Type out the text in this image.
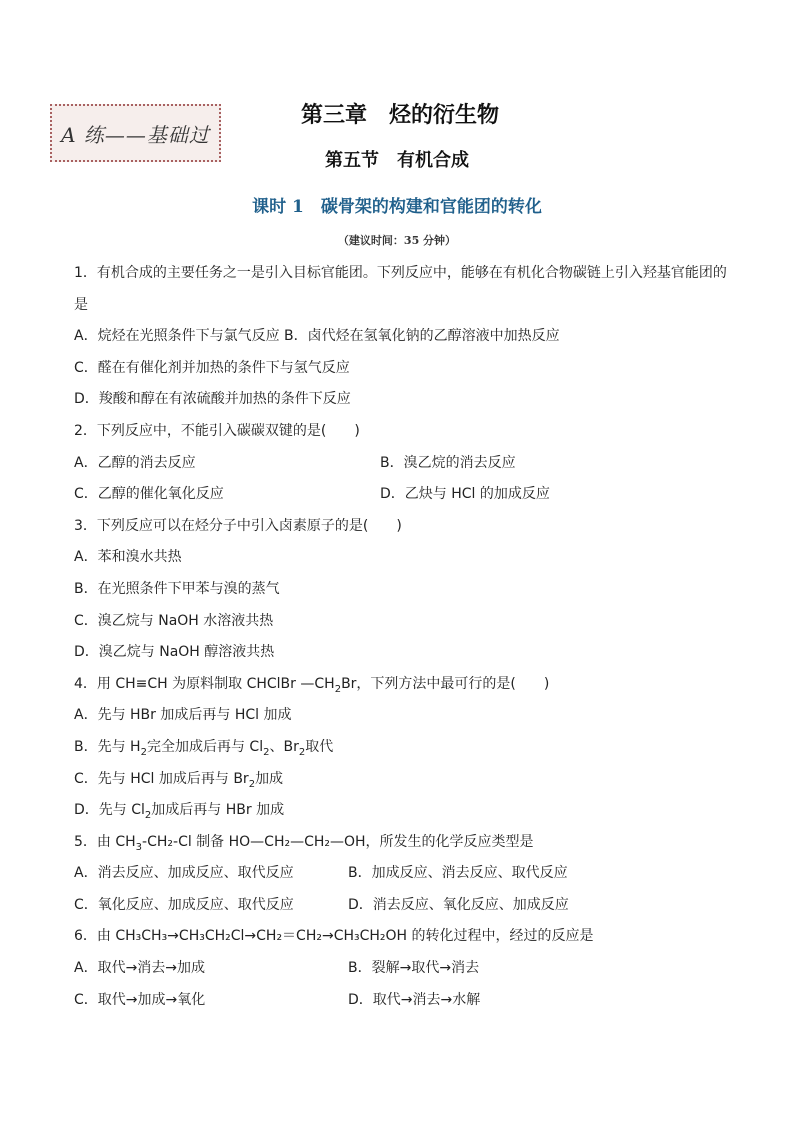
A 练——基础过
第三章　烃的衍生物
第五节　有机合成
课时 1　碳骨架的构建和官能团的转化
（建议时间：35 分钟）
1．有机合成的主要任务之一是引入目标官能团。下列反应中，能够在有机化合物碳链上引入羟基官能团的
是
A．烷烃在光照条件下与氯气反应 B．卤代烃在氢氧化钠的乙醇溶液中加热反应
C．醛在有催化剂并加热的条件下与氢气反应
D．羧酸和醇在有浓硫酸并加热的条件下反应
2．下列反应中，不能引入碳碳双键的是(　　)
A．乙醇的消去反应	B．溴乙烷的消去反应
C．乙醇的催化氧化反应	D．乙炔与 HCl 的加成反应
3．下列反应可以在烃分子中引入卤素原子的是(　　)
A．苯和溴水共热
B．在光照条件下甲苯与溴的蒸气
C．溴乙烷与 NaOH 水溶液共热
D．溴乙烷与 NaOH 醇溶液共热
4．用 CH≡CH 为原料制取 CHClBr $—CH_2Br$，下列方法中最可行的是(　　)
A．先与 HBr 加成后再与 HCl 加成
B．先与 $H_2$完全加成后再与 $Cl_2$、$Br_2$取代
C．先与 HCl 加成后再与 $Br_2$加成
D．先与 $Cl_2$加成后再与 HBr 加成
5．由 $CH_3-CH_2-Cl$ 制备 HO—CH₂—CH₂—OH，所发生的化学反应类型是
A．消去反应、加成反应、取代反应	B．加成反应、消去反应、取代反应
C．氧化反应、加成反应、取代反应	D．消去反应、氧化反应、加成反应
6．由 CH₃CH₃→CH₃CH₂Cl→CH₂＝CH₂→CH₃CH₂OH 的转化过程中，经过的反应是
A．取代→消去→加成	B．裂解→取代→消去
C．取代→加成→氧化	D．取代→消去→水解
